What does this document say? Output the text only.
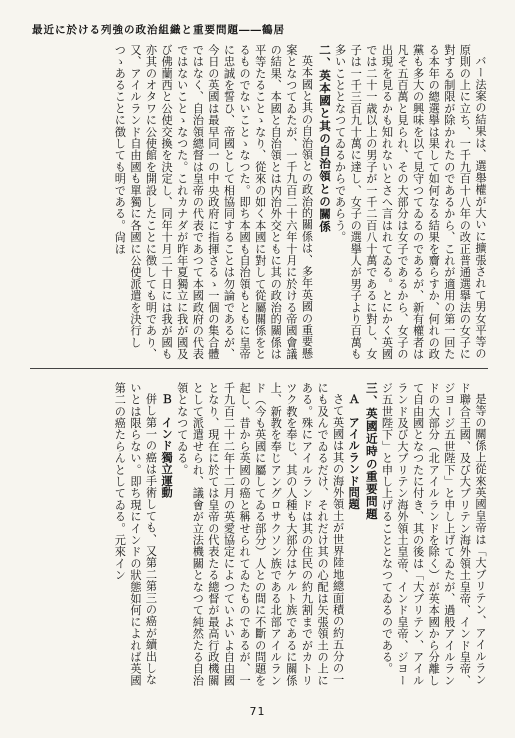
最近に於ける列強の政治組織と重要問題――鶴居

バー法案の結果は、選舉權が大いに擴張されて男女平等の原則の上に立ち、一千九百十八年の改正普通選擧法の女子に對する制限が除かれたのであるから、これが適用の第一回たる本年の總選擧は果して如何なる結果を齎らすか、何れの政黨も多大の興味を以て見守つてゐるのであるが、新有權者は凡そ五百萬と見られ、その大部分は女子であるから、女子の出現を見るかも知れないとさへ言はれてゐる。とにかく英國では二十一歳以上の男子が一千二百八十萬であるに對し、女子は一千三百九十萬に達し、女子の選擧人が男子より百萬も多いこととなつてゐるからであらう。

二、英本國と其の自治領との關係

英本國と其の自治領との政治的關係は、多年英國の重要懸案となつてゐたが、一千九百二十六年十月に於ける帝國會議の結果、本國と自治領とは内治外交ともに其の政治的關係は平等たることゝなり、從來の如く本國に對して從屬關係をとるものでないことゝなつた。即ち本國も自治領もともに皇帝に忠誠を誓ひ、帝國として相協同することは勿論であるが、今日の英國は最早同一の中央政府に指揮さるゝ一個の集合體ではなく、自治領總督は皇帝の代表であつて本國政府の代表ではないことゝなつた。これカナダが昨年夏獨立に我が國及び佛蘭西と公使交換を決定し、同年十月二十日には我が國も亦其のオタワに公使館を開設したことに徴しても明であり、又、アイルランド自由國も單獨に各國に公使派遣を決行しつゝあることに徴しても明である。尙ほ

是等の關係上從來英國皇帝は「大ブリテン、アイルランド聯合王國、及び大ブリテン海外領土皇帝、インド皇帝、ジヨージ五世陛下」と申し上げてゐたが、過般アイルランドの大部分（北アイルランドを除く）が英本國から分離して自由國となつたに付き、其の後は「大ブリテン、アイルランド及び大ブリテン海外領土皇帝、インド皇帝、ジヨージ五世陛下」と申し上げることとなつてゐるのである。

三、英國近時の重要問題

Ａ　アイルランド問題

さて英國は其の海外領土が世界陸地總面積の約五分の一にも及んでゐるだけ、それだけ其の心配は矢張領土の上にある。殊にアイルランドは其の住民の約九割までがカトリツク教を奉じ、其の人種も大部分はケルト族であるに關係上、新教を奉じアングロサクソン族である北部アイルランド（今も英國に屬してゐる部分）人との間に不斷の問題を起し、昔から英國の癌と稱せられてゐたものであるが、一千九百二十二年十二月の英愛協定によつていよいよ自由國となり、現在に於ては皇帝の代表たる總督が最高行政機關として派遣せられ、議會が立法機關となつて純然たる自治領となつてゐる。

Ｂ　インド獨立運動

併し第一の癌は手術しても、又第二第三の癌が續出しないとは限らない。即ち現にインドの狀態如何によれば英國第二の癌たらんとしてゐる。元來イン

71
